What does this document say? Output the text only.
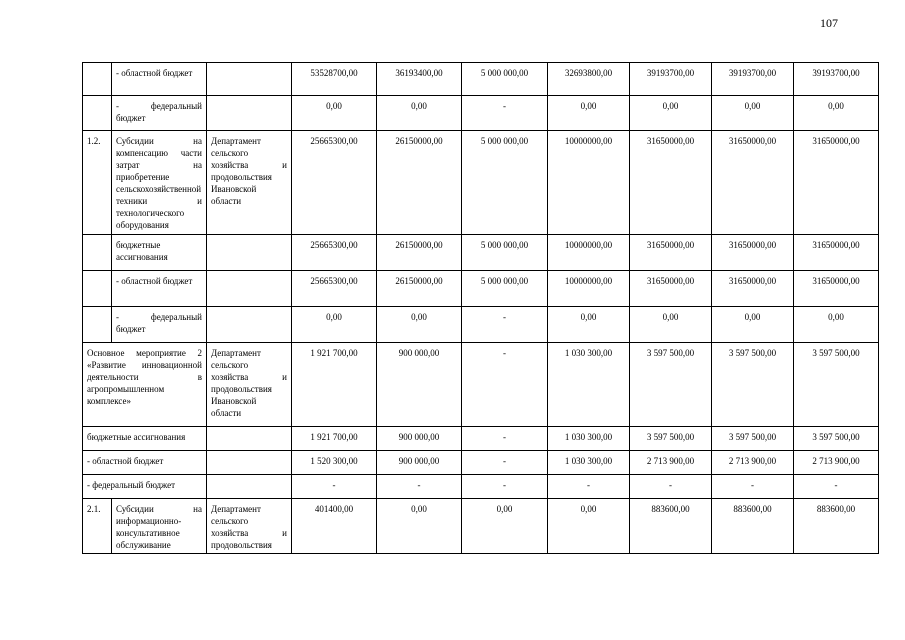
107
	- областной бюджет		53528700,00	36193400,00	5 000 000,00	32693800,00	39193700,00	39193700,00	39193700,00
	- федеральный бюджет		0,00	0,00	-	0,00	0,00	0,00	0,00
1.2.	Субсидии на компенсацию части затрат на приобретение сельскохозяйственной техники и технологического оборудования	Департамент сельского хозяйства и продовольствия Ивановской области	25665300,00	26150000,00	5 000 000,00	10000000,00	31650000,00	31650000,00	31650000,00
	бюджетные ассигнования		25665300,00	26150000,00	5 000 000,00	10000000,00	31650000,00	31650000,00	31650000,00
	- областной бюджет		25665300,00	26150000,00	5 000 000,00	10000000,00	31650000,00	31650000,00	31650000,00
	- федеральный бюджет		0,00	0,00	-	0,00	0,00	0,00	0,00
Основное мероприятие 2 «Развитие инновационной деятельности в агропромышленном комплексе»		Департамент сельского хозяйства и продовольствия Ивановской области	1 921 700,00	900 000,00	-	1 030 300,00	3 597 500,00	3 597 500,00	3 597 500,00
бюджетные ассигнования			1 921 700,00	900 000,00	-	1 030 300,00	3 597 500,00	3 597 500,00	3 597 500,00
- областной бюджет			1 520 300,00	900 000,00	-	1 030 300,00	2 713 900,00	2 713 900,00	2 713 900,00
- федеральный бюджет			-	-	-	-	-	-	-
2.1.	Субсидии на информационно-консультативное обслуживание	Департамент сельского хозяйства и продовольствия	401400,00	0,00	0,00	0,00	883600,00	883600,00	883600,00
